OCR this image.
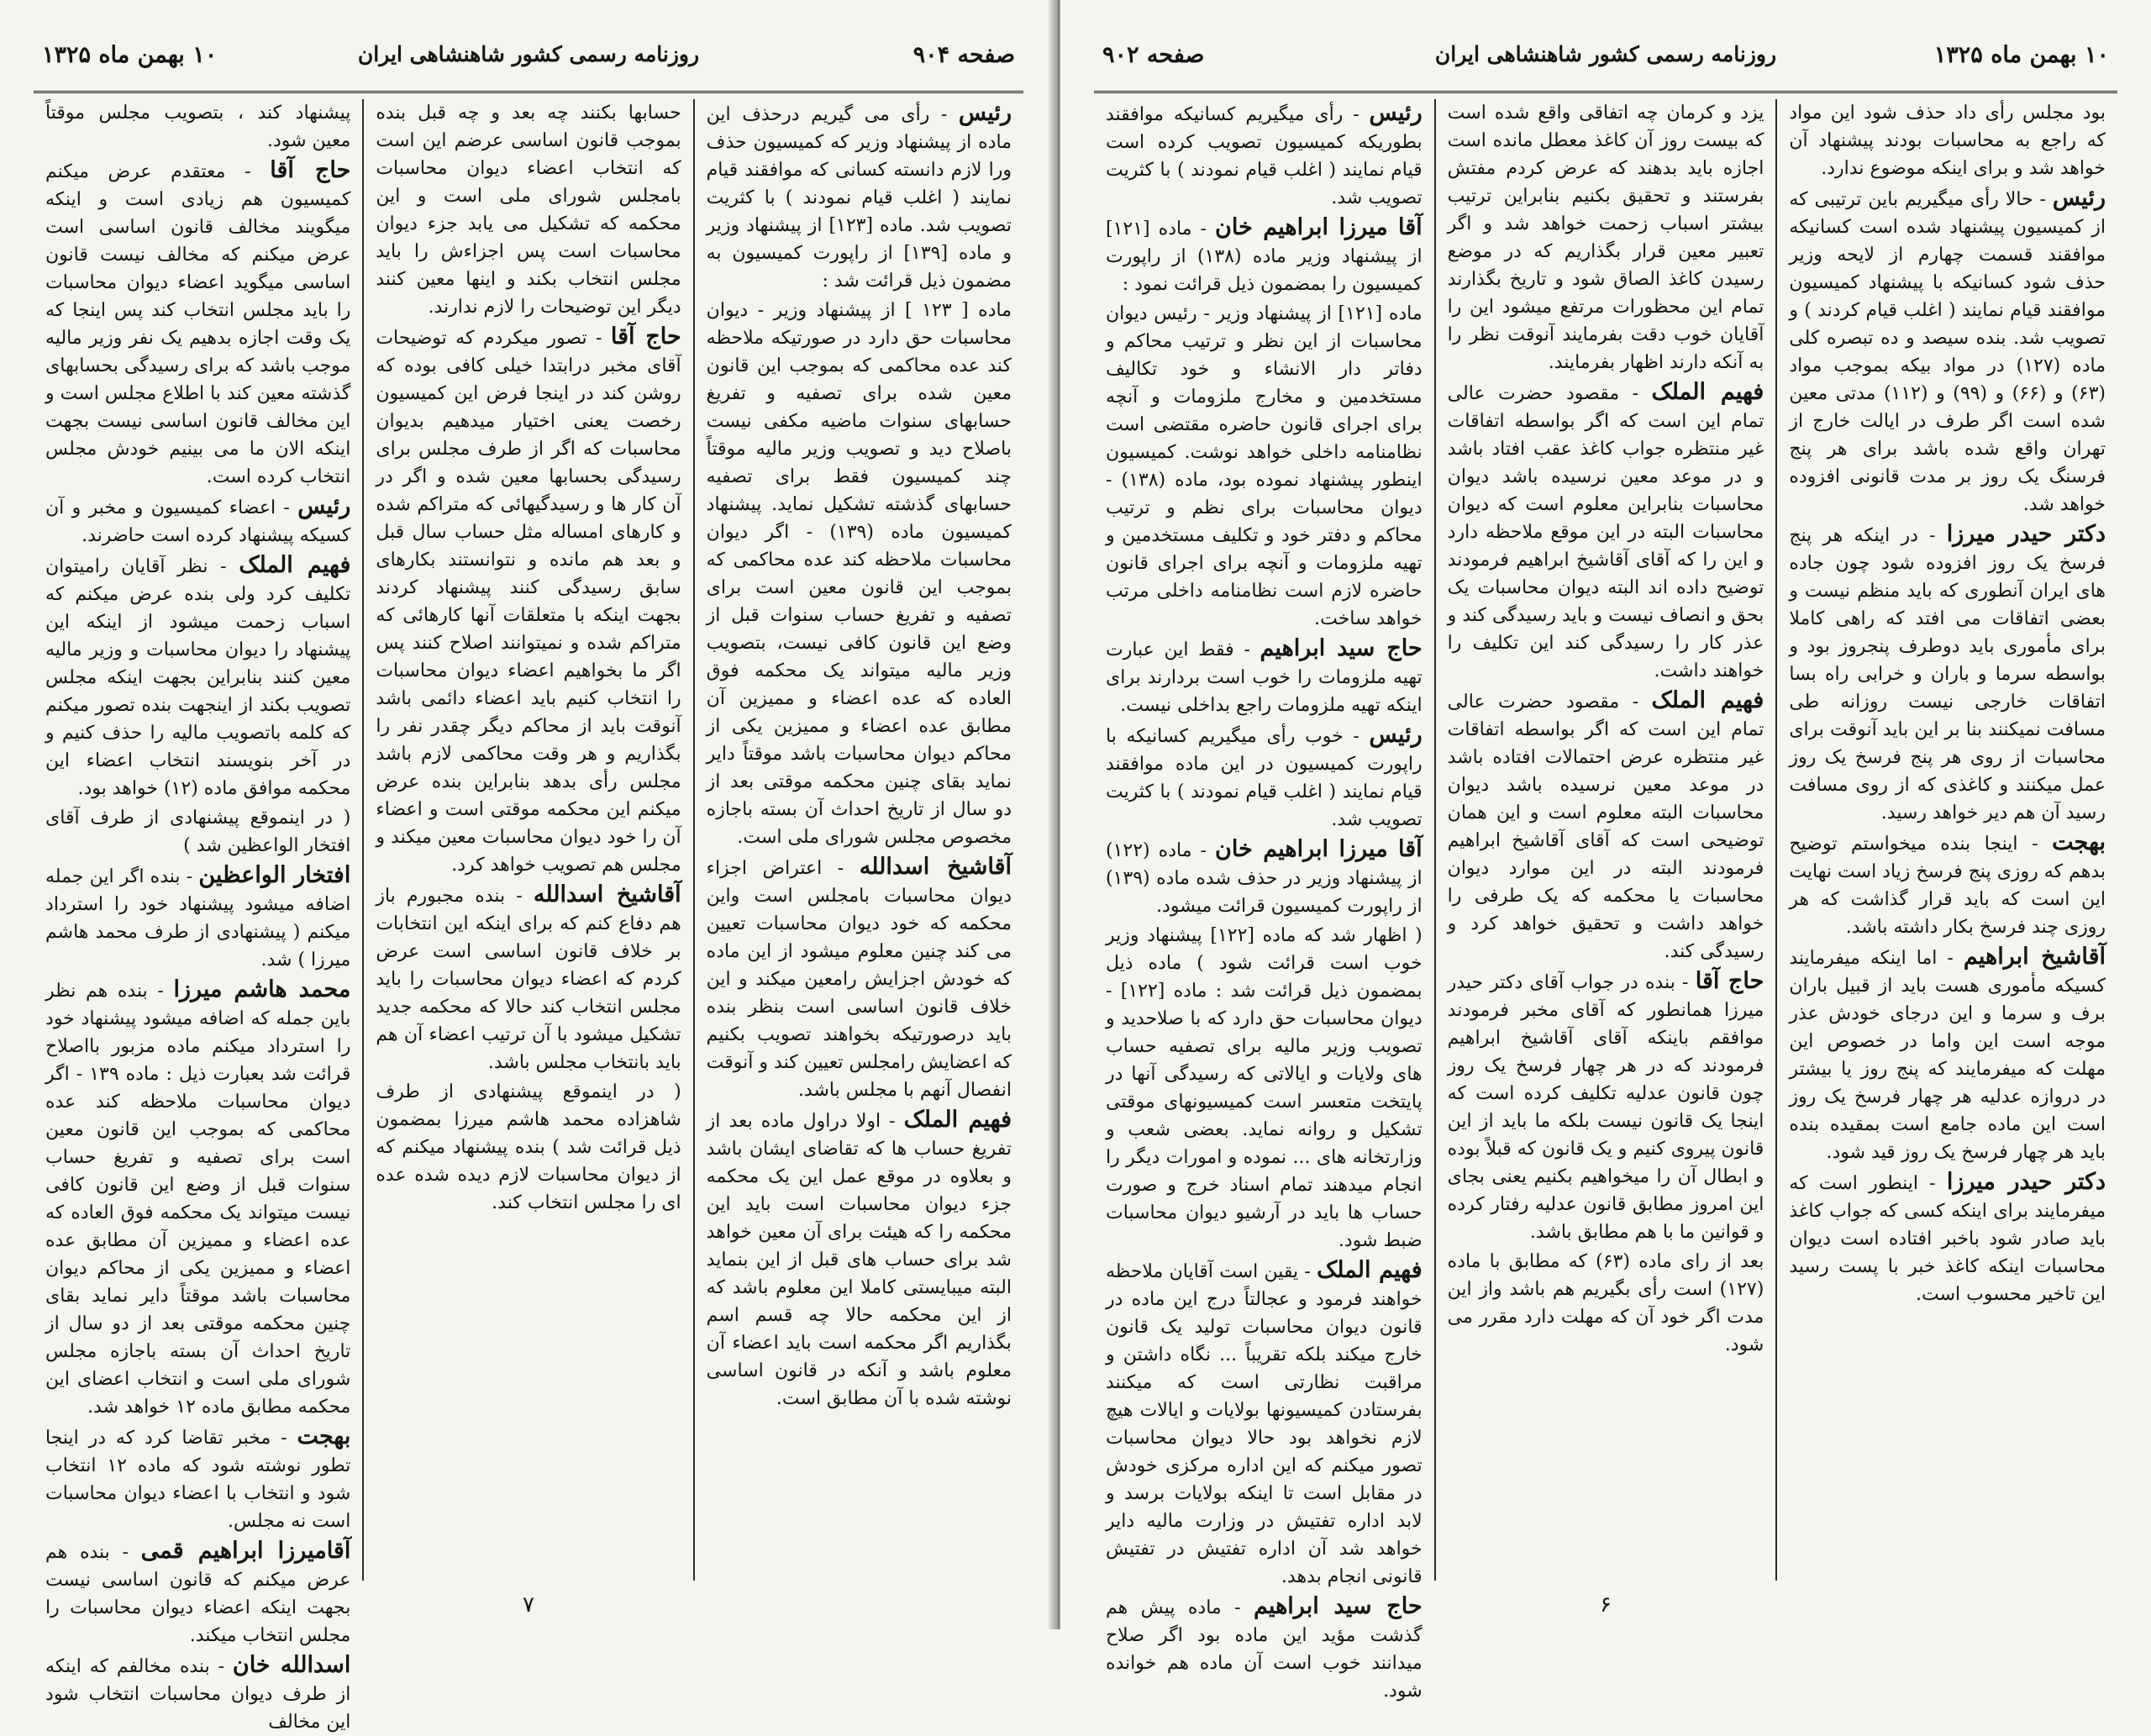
صفحه ۹۰۴
روزنامه رسمی کشور شاهنشاهی ایران
۱۰ بهمن ماه ۱۳۲۵

رئیس - رأی می گیریم درحذف این ماده از پیشنهاد وزیر که کمیسیون حذف ورا لازم دانسته کسانی که موافقند قیام نمایند ( اغلب قیام نمودند ) با کثریت تصویب شد. ماده [۱۲۳] از پیشنهاد وزیر و ماده [۱۳۹] از راپورت کمیسیون به مضمون ذیل قرائت شد :

ماده [ ۱۲۳ ] از پیشنهاد وزیر - دیوان محاسبات حق دارد در صورتیکه ملاحظه کند عده محاکمی که بموجب این قانون معین شده برای تصفیه و تفریغ حسابهای سنوات ماضیه مکفی نیست باصلاح دید و تصویب وزیر مالیه موقتاً چند کمیسیون فقط برای تصفیه حسابهای گذشته تشکیل نماید. پیشنهاد کمیسیون ماده (۱۳۹) - اگر دیوان محاسبات ملاحظه کند عده محاکمی که بموجب این قانون معین است برای تصفیه و تفریغ حساب سنوات قبل از وضع این قانون کافی نیست، بتصویب وزیر مالیه میتواند یک محکمه فوق العاده که عده اعضاء و ممیزین آن مطابق عده اعضاء و ممیزین یکی از محاکم دیوان محاسبات باشد موقتاً دایر نماید بقای چنین محکمه موقتی بعد از دو سال از تاریخ احداث آن بسته باجازه مخصوص مجلس شورای ملی است.

آقاشیخ اسدالله - اعتراض اجزاء دیوان محاسبات بامجلس است واین محکمه که خود دیوان محاسبات تعیین می کند چنین معلوم میشود از این ماده که خودش اجزایش رامعین میکند و این خلاف قانون اساسی است بنظر بنده باید درصورتیکه بخواهند تصویب بکنیم که اعضایش رامجلس تعیین کند و آنوقت انفصال آنهم با مجلس باشد.

فهیم الملک - اولا دراول ماده بعد از تفریغ حساب ها که تقاضای ایشان باشد و بعلاوه در موقع عمل این یک محکمه جزء دیوان محاسبات است باید این محکمه را که هیئت برای آن معین خواهد شد برای حساب های قبل از این بنماید البته میبایستی کاملا این معلوم باشد که از این محکمه حالا چه قسم اسم بگذاریم اگر محکمه است باید اعضاء آن معلوم باشد و آنکه در قانون اساسی نوشته شده با آن مطابق است.

حسابها بکنند چه بعد و چه قبل بنده بموجب قانون اساسی عرضم این است که انتخاب اعضاء دیوان محاسبات بامجلس شورای ملی است و این محکمه که تشکیل می یابد جزء دیوان محاسبات است پس اجزاءش را باید مجلس انتخاب بکند و اینها معین کنند دیگر این توضیحات را لازم ندارند.

حاج آقا - تصور میکردم که توضیحات آقای مخبر درابتدا خیلی کافی بوده که روشن کند در اینجا فرض این کمیسیون رخصت یعنی اختیار میدهیم بدیوان محاسبات که اگر از طرف مجلس برای رسیدگی بحسابها معین شده و اگر در آن کار ها و رسیدگیهائی که متراکم شده و کارهای امساله مثل حساب سال قبل و بعد هم مانده و نتوانستند بکارهای سابق رسیدگی کنند پیشنهاد کردند بجهت اینکه با متعلقات آنها کارهائی که متراکم شده و نمیتوانند اصلاح کنند پس اگر ما بخواهیم اعضاء دیوان محاسبات را انتخاب کنیم باید اعضاء دائمی باشد آنوقت باید از محاکم دیگر چقدر نفر را بگذاریم و هر وقت محاکمی لازم باشد مجلس رأی بدهد بنابراین بنده عرض میکنم این محکمه موقتی است و اعضاء آن را خود دیوان محاسبات معین میکند و مجلس هم تصویب خواهد کرد.

آقاشیخ اسدالله - بنده مجبورم باز هم دفاع کنم که برای اینکه این انتخابات بر خلاف قانون اساسی است عرض کردم که اعضاء دیوان محاسبات را باید مجلس انتخاب کند حالا که محکمه جدید تشکیل میشود با آن ترتیب اعضاء آن هم باید بانتخاب مجلس باشد.

( در اینموقع پیشنهادی از طرف شاهزاده محمد هاشم میرزا بمضمون ذیل قرائت شد ) بنده پیشنهاد میکنم که از دیوان محاسبات لازم دیده شده عده ای را مجلس انتخاب کند.

پیشنهاد کند ، بتصویب مجلس موقتاً معین شود.

حاج آقا - معتقدم عرض میکنم کمیسیون هم زیادی است و اینکه میگویند مخالف قانون اساسی است عرض میکنم که مخالف نیست قانون اساسی میگوید اعضاء دیوان محاسبات را باید مجلس انتخاب کند پس اینجا که یک وقت اجازه بدهیم یک نفر وزیر مالیه موجب باشد که برای رسیدگی بحسابهای گذشته معین کند با اطلاع مجلس است و این مخالف قانون اساسی نیست بجهت اینکه الان ما می بینیم خودش مجلس انتخاب کرده است.

رئیس - اعضاء کمیسیون و مخبر و آن کسیکه پیشنهاد کرده است حاضرند.

فهیم الملک - نظر آقایان رامیتوان تکلیف کرد ولی بنده عرض میکنم که اسباب زحمت میشود از اینکه این پیشنهاد را دیوان محاسبات و وزیر مالیه معین کنند بنابراین بجهت اینکه مجلس تصویب بکند از اینجهت بنده تصور میکنم که کلمه باتصویب مالیه را حذف کنیم و در آخر بنویسند انتخاب اعضاء این محکمه موافق ماده (۱۲) خواهد بود.

( در اینموقع پیشنهادی از طرف آقای افتخار الواعظین شد )

افتخار الواعظین - بنده اگر این جمله اضافه میشود پیشنهاد خود را استرداد میکنم ( پیشنهادی از طرف محمد هاشم میرزا ) شد.

محمد هاشم میرزا - بنده هم نظر باین جمله که اضافه میشود پیشنهاد خود را استرداد میکنم ماده مزبور بااصلاح قرائت شد بعبارت ذیل : ماده ۱۳۹ - اگر دیوان محاسبات ملاحظه کند عده محاکمی که بموجب این قانون معین است برای تصفیه و تفریغ حساب سنوات قبل از وضع این قانون کافی نیست میتواند یک محکمه فوق العاده که عده اعضاء و ممیزین آن مطابق عده اعضاء و ممیزین یکی از محاکم دیوان محاسبات باشد موقتاً دایر نماید بقای چنین محکمه موقتی بعد از دو سال از تاریخ احداث آن بسته باجازه مجلس شورای ملی است و انتخاب اعضای این محکمه مطابق ماده ۱۲ خواهد شد.

بهجت - مخبر تقاضا کرد که در اینجا تطور نوشته شود که ماده ۱۲ انتخاب شود و انتخاب با اعضاء دیوان محاسبات است نه مجلس.

آقامیرزا ابراهیم قمی - بنده هم عرض میکنم که قانون اساسی نیست بجهت اینکه اعضاء دیوان محاسبات را مجلس انتخاب میکند.

اسدالله خان - بنده مخالفم که اینکه از طرف دیوان محاسبات انتخاب شود این مخالف

۷
۱۰ بهمن ماه ۱۳۲۵
روزنامه رسمی کشور شاهنشاهی ایران
صفحه ۹۰۲

بود مجلس رأی داد حذف شود این مواد که راجع به محاسبات بودند پیشنهاد آن خواهد شد و برای اینکه موضوع ندارد.

رئیس - حالا رأی میگیریم باین ترتیبی که از کمیسیون پیشنهاد شده است کسانیکه موافقند قسمت چهارم از لایحه وزیر حذف شود کسانیکه با پیشنهاد کمیسیون موافقند قیام نمایند ( اغلب قیام کردند ) و تصویب شد. بنده سیصد و ده تبصره کلی ماده (۱۲۷) در مواد بیکه بموجب مواد (۶۳) و (۶۶) و (۹۹) و (۱۱۲) مدتی معین شده است اگر طرف در ایالت خارج از تهران واقع شده باشد برای هر پنج فرسنگ یک روز بر مدت قانونی افزوده خواهد شد.

دکتر حیدر میرزا - در اینکه هر پنج فرسخ یک روز افزوده شود چون جاده های ایران آنطوری که باید منظم نیست و بعضی اتفاقات می افتد که راهی کاملا برای مأموری باید دوطرف پنجروز بود و بواسطه سرما و باران و خرابی راه بسا اتفاقات خارجی نیست روزانه طی مسافت نمیکنند بنا بر این باید آنوقت برای محاسبات از روی هر پنج فرسخ یک روز عمل میکنند و کاغذی که از روی مسافت رسید آن هم دیر خواهد رسید.

بهجت - اینجا بنده میخواستم توضیح بدهم که روزی پنج فرسخ زیاد است نهایت این است که باید قرار گذاشت که هر روزی چند فرسخ بکار داشته باشد.

آقاشیخ ابراهیم - اما اینکه میفرمایند کسیکه مأموری هست باید از قبیل باران برف و سرما و این درجای خودش عذر موجه است این واما در خصوص این مهلت که میفرمایند که پنج روز یا بیشتر در دروازه عدلیه هر چهار فرسخ یک روز است این ماده جامع است بمقیده بنده باید هر چهار فرسخ یک روز قید شود.

دکتر حیدر میرزا - اینطور است که میفرمایند برای اینکه کسی که جواب کاغذ باید صادر شود باخبر افتاده است دیوان محاسبات اینکه کاغذ خبر با پست رسید این تاخیر محسوب است.

یزد و کرمان چه اتفاقی واقع شده است که بیست روز آن کاغذ معطل مانده است اجازه باید بدهند که عرض کردم مفتش بفرستند و تحقیق بکنیم بنابراین ترتیب بیشتر اسباب زحمت خواهد شد و اگر تعبیر معین قرار بگذاریم که در موضع رسیدن کاغذ الصاق شود و تاریخ بگذارند تمام این محظورات مرتفع میشود این را آقایان خوب دقت بفرمایند آنوقت نظر را به آنکه دارند اظهار بفرمایند.

فهیم الملک - مقصود حضرت عالی تمام این است که اگر بواسطه اتفاقات غیر منتظره جواب کاغذ عقب افتاد باشد و در موعد معین نرسیده باشد دیوان محاسبات بنابراین معلوم است که دیوان محاسبات البته در این موقع ملاحظه دارد و این را که آقای آقاشیخ ابراهیم فرمودند توضیح داده اند البته دیوان محاسبات یک بحق و انصاف نیست و باید رسیدگی کند و عذر کار را رسیدگی کند این تکلیف را خواهند داشت.

فهیم الملک - مقصود حضرت عالی تمام این است که اگر بواسطه اتفاقات غیر منتظره عرض احتمالات افتاده باشد در موعد معین نرسیده باشد دیوان محاسبات البته معلوم است و این همان توضیحی است که آقای آقاشیخ ابراهیم فرمودند البته در این موارد دیوان محاسبات یا محکمه که یک طرفی را خواهد داشت و تحقیق خواهد کرد و رسیدگی کند.

حاج آقا - بنده در جواب آقای دکتر حیدر میرزا همانطور که آقای مخبر فرمودند موافقم باینکه آقای آقاشیخ ابراهیم فرمودند که در هر چهار فرسخ یک روز چون قانون عدلیه تکلیف کرده است که اینجا یک قانون نیست بلکه ما باید از این قانون پیروی کنیم و یک قانون که قبلاً بوده و ابطال آن را میخواهیم بکنیم یعنی بجای این امروز مطابق قانون عدلیه رفتار کرده و قوانین ما با هم مطابق باشد.

بعد از رای ماده (۶۳) که مطابق با ماده (۱۲۷) است رأی بگیریم هم باشد واز این مدت اگر خود آن که مهلت دارد مقرر می شود.

رئیس - رأی میگیریم کسانیکه موافقند بطوریکه کمیسیون تصویب کرده است قیام نمایند ( اغلب قیام نمودند ) با کثریت تصویب شد.

آقا میرزا ابراهیم خان - ماده [۱۲۱] از پیشنهاد وزیر ماده (۱۳۸) از راپورت کمیسیون را بمضمون ذیل قرائت نمود :

ماده [۱۲۱] از پیشنهاد وزیر - رئیس دیوان محاسبات از این نظر و ترتیب محاکم و دفاتر دار الانشاء و خود تکالیف مستخدمین و مخارج ملزومات و آنچه برای اجرای قانون حاضره مقتضی است نظامنامه داخلی خواهد نوشت. کمیسیون اینطور پیشنهاد نموده بود، ماده (۱۳۸) - دیوان محاسبات برای نظم و ترتیب محاکم و دفتر خود و تکلیف مستخدمین و تهیه ملزومات و آنچه برای اجرای قانون حاضره لازم است نظامنامه داخلی مرتب خواهد ساخت.

حاج سید ابراهیم - فقط این عبارت تهیه ملزومات را خوب است بردارند برای اینکه تهیه ملزومات راجع بداخلی نیست.

رئیس - خوب رأی میگیریم کسانیکه با راپورت کمیسیون در این ماده موافقند قیام نمایند ( اغلب قیام نمودند ) با کثریت تصویب شد.

آقا میرزا ابراهیم خان - ماده (۱۲۲) از پیشنهاد وزیر در حذف شده ماده (۱۳۹) از راپورت کمیسیون قرائت میشود.

( اظهار شد که ماده [۱۲۲] پیشنهاد وزیر خوب است قرائت شود ) ماده ذیل بمضمون ذیل قرائت شد : ماده [۱۲۲] - دیوان محاسبات حق دارد که با صلاحدید و تصویب وزیر مالیه برای تصفیه حساب های ولایات و ایالاتی که رسیدگی آنها در پایتخت متعسر است کمیسیونهای موقتی تشکیل و روانه نماید. بعضی شعب و وزارتخانه های ... نموده و امورات دیگر را انجام میدهند تمام اسناد خرج و صورت حساب ها باید در آرشیو دیوان محاسبات ضبط شود.

فهیم الملک - یقین است آقایان ملاحظه خواهند فرمود و عجالتاً درج این ماده در قانون دیوان محاسبات تولید یک قانون خارج میکند بلکه تقریباً ... نگاه داشتن و مراقبت نظارتی است که میکنند بفرستادن کمیسیونها بولایات و ایالات هیچ لازم نخواهد بود حالا دیوان محاسبات تصور میکنم که این اداره مرکزی خودش در مقابل است تا اینکه بولایات برسد و لابد اداره تفتیش در وزارت مالیه دایر خواهد شد آن اداره تفتیش در تفتیش قانونی انجام بدهد.

حاج سید ابراهیم - ماده پیش هم گذشت مؤید این ماده بود اگر صلاح میدانند خوب است آن ماده هم خوانده شود.

۶
